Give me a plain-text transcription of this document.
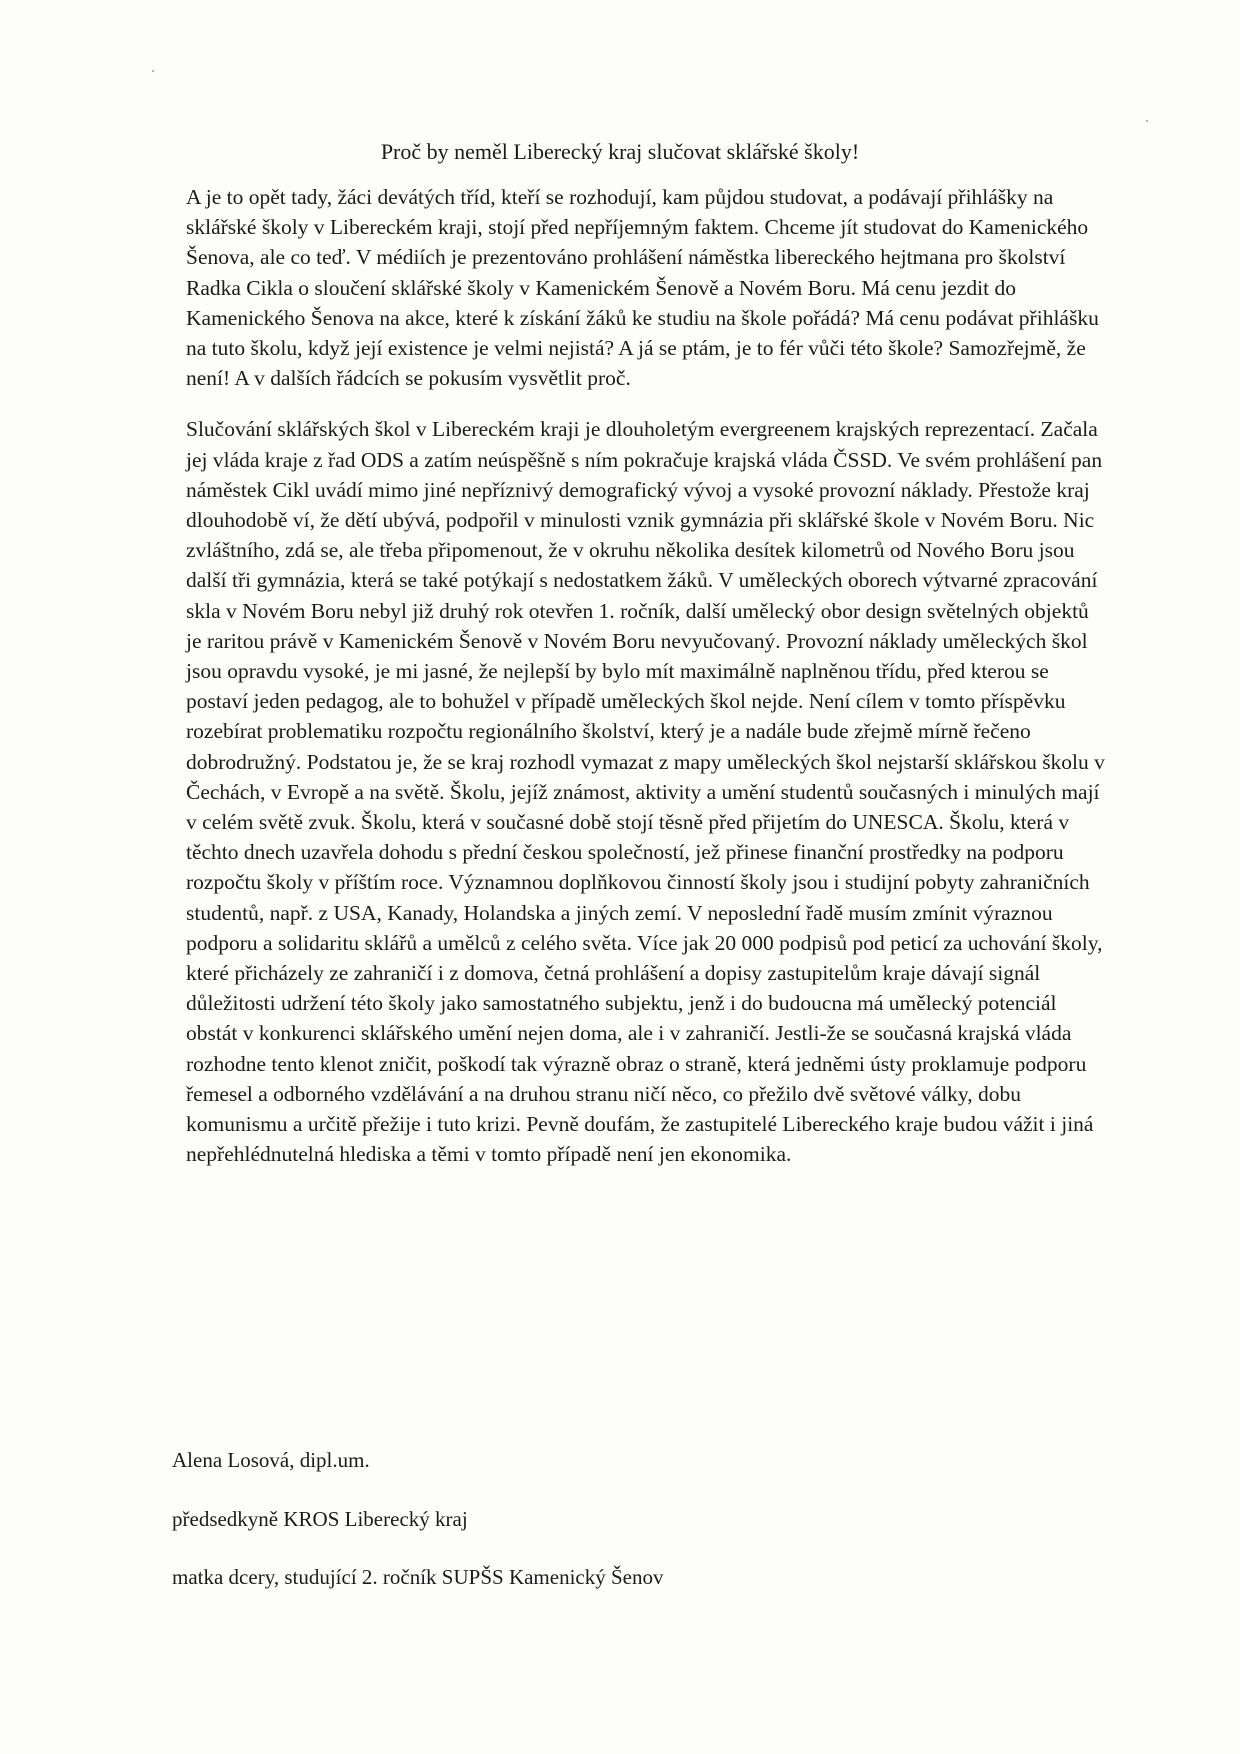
Proč by neměl Liberecký kraj slučovat sklářské školy!

A je to opět tady, žáci devátých tříd, kteří se rozhodují, kam půjdou studovat, a podávají přihlášky na sklářské školy v Libereckém kraji, stojí před nepříjemným faktem. Chceme jít studovat do Kamenického Šenova, ale co teď. V médiích je prezentováno prohlášení náměstka libereckého hejtmana pro školství Radka Cikla o sloučení sklářské školy v Kamenickém Šenově a Novém Boru. Má cenu jezdit do Kamenického Šenova na akce, které k získání žáků ke studiu na škole pořádá? Má cenu podávat přihlášku na tuto školu, když její existence je velmi nejistá? A já se ptám, je to fér vůči této škole? Samozřejmě, že není! A v dalších řádcích se pokusím vysvětlit proč.

Slučování sklářských škol v Libereckém kraji je dlouholetým evergreenem krajských reprezentací. Začala jej vláda kraje z řad ODS a zatím neúspěšně s ním pokračuje krajská vláda ČSSD. Ve svém prohlášení pan náměstek Cikl uvádí mimo jiné nepříznivý demografický vývoj a vysoké provozní náklady. Přestože kraj dlouhodobě ví, že dětí ubývá, podpořil v minulosti vznik gymnázia při sklářské škole v Novém Boru. Nic zvláštního, zdá se, ale třeba připomenout, že v okruhu několika desítek kilometrů od Nového Boru jsou další tři gymnázia, která se také potýkají s nedostatkem žáků. V uměleckých oborech výtvarné zpracování skla v Novém Boru nebyl již druhý rok otevřen 1. ročník, další umělecký obor design světelných objektů je raritou právě v Kamenickém Šenově v Novém Boru nevyučovaný. Provozní náklady uměleckých škol jsou opravdu vysoké, je mi jasné, že nejlepší by bylo mít maximálně naplněnou třídu, před kterou se postaví jeden pedagog, ale to bohužel v případě uměleckých škol nejde. Není cílem v tomto příspěvku rozebírat problematiku rozpočtu regionálního školství, který je a nadále bude zřejmě mírně řečeno dobrodružný. Podstatou je, že se kraj rozhodl vymazat z mapy uměleckých škol nejstarší sklářskou školu v Čechách, v Evropě a na světě. Školu, jejíž známost, aktivity a umění studentů současných i minulých mají v celém světě zvuk. Školu, která v současné době stojí těsně před přijetím do UNESCA. Školu, která v těchto dnech uzavřela dohodu s přední českou společností, jež přinese finanční prostředky na podporu rozpočtu školy v příštím roce. Významnou doplňkovou činností školy jsou i studijní pobyty zahraničních studentů, např. z USA, Kanady, Holandska a jiných zemí. V neposlední řadě musím zmínit výraznou podporu a solidaritu sklářů a umělců z celého světa. Více jak 20 000 podpisů pod peticí za uchování školy, které přicházely ze zahraničí i z domova, četná prohlášení a dopisy zastupitelům kraje dávají signál důležitosti udržení této školy jako samostatného subjektu, jenž i do budoucna má umělecký potenciál obstát v konkurenci sklářského umění nejen doma, ale i v zahraničí. Jestli-že se současná krajská vláda rozhodne tento klenot zničit, poškodí tak výrazně obraz o straně, která jedněmi ústy proklamuje podporu řemesel a odborného vzdělávání a na druhou stranu ničí něco, co přežilo dvě světové války, dobu komunismu a určitě přežije i tuto krizi. Pevně doufám, že zastupitelé Libereckého kraje budou vážit i jiná nepřehlédnutelná hlediska a těmi v tomto případě není jen ekonomika.

Alena Losová, dipl.um.

předsedkyně KROS Liberecký kraj

matka dcery, studující 2. ročník SUPŠS Kamenický Šenov
